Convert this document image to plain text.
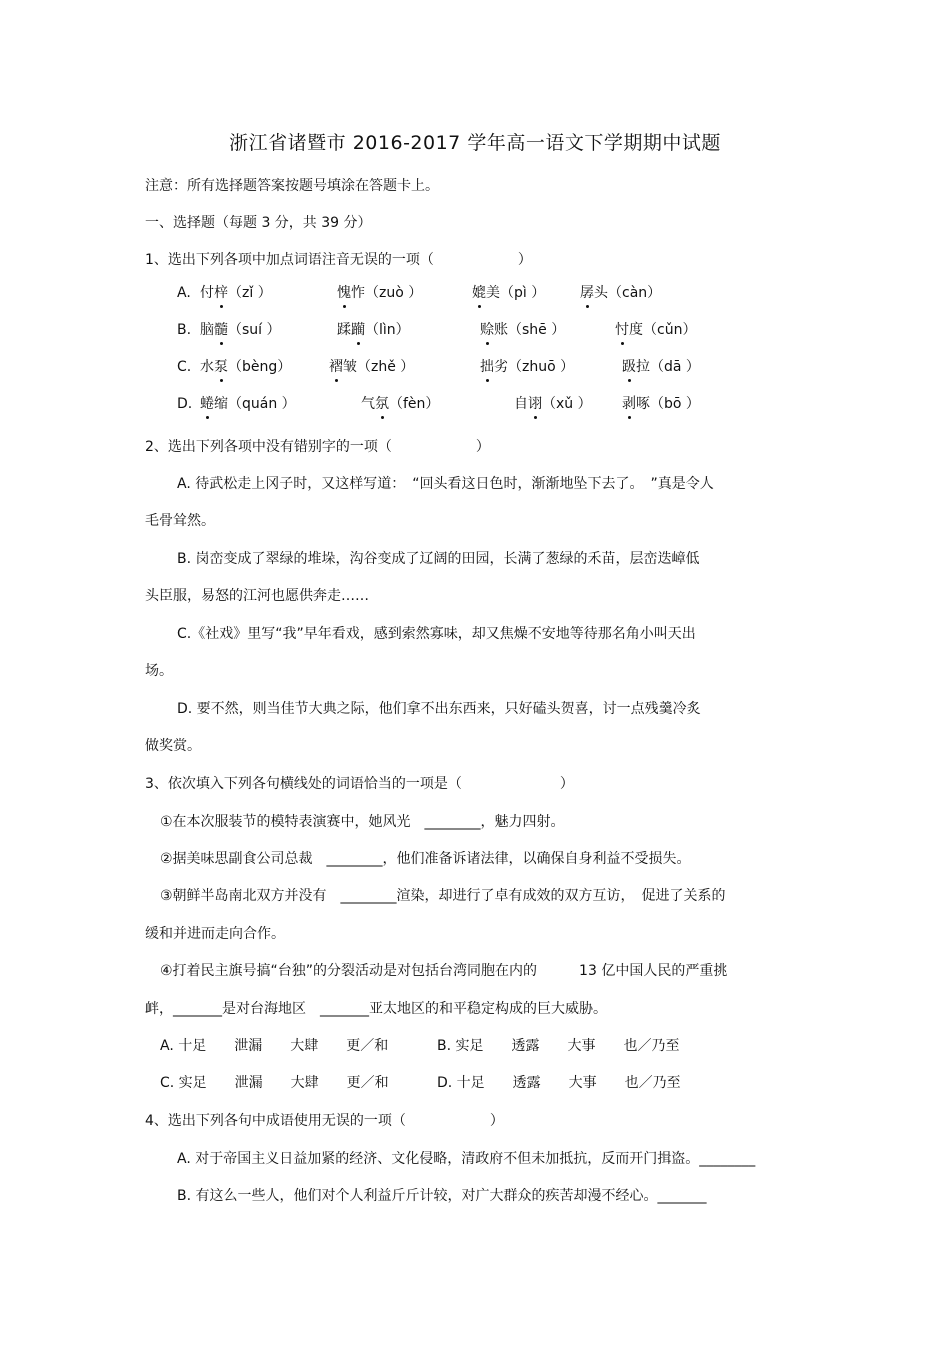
浙江省诸暨市 2016-2017 学年高一语文下学期期中试题
注意：所有选择题答案按题号填涂在答题卡上。
一、选择题（每题 3 分，共 39 分）
1、选出下列各项中加点词语注音无误的一项（　　　　　　）
A. 付梓（zǐ ）	愧怍（zuò ）	媲美（pì ） 孱头（càn）
B. 脑髓（suí ）	蹂躏（lìn）	赊账（shē ）	忖度（cǔn）
C. 水泵（bèng）	褶皱（zhě ）	拙劣（zhuō ）	趿拉（dā ）
D. 蜷缩（quán ）	气氛（fèn）	自诩（xǔ ） 剥啄（bō ）
2、选出下列各项中没有错别字的一项（　　　　　　）
A. 待武松走上冈子时，又这样写道：　“回头看这日色时，渐渐地坠下去了。　”真是令人
毛骨耸然。
B. 岗峦变成了翠绿的堆垛，沟谷变成了辽阔的田园，长满了葱绿的禾苗，层峦迭嶂低
头臣服，易怒的江河也愿供奔走……
C.《社戏》里写“我”早年看戏，感到索然寡味，却又焦燥不安地等待那名角小叫天出
场。
D. 要不然，则当佳节大典之际，他们拿不出东西来，只好磕头贺喜，讨一点残羹冷炙
做奖赏。
3、依次填入下列各句横线处的词语恰当的一项是（　　　　　　　）
①在本次服装节的模特表演赛中，她风光　________，魅力四射。
②据美味思副食公司总裁　________，他们准备诉诸法律，以确保自身利益不受损失。
③朝鲜半岛南北双方并没有　________渲染，却进行了卓有成效的双方互访，　促进了关系的
缓和并进而走向合作。
④打着民主旗号搞“台独”的分裂活动是对包括台湾同胞在内的　　　13 亿中国人民的严重挑
衅，_______是对台海地区　_______亚太地区的和平稳定构成的巨大威胁。
A. 十足　　泄漏　　大肆　　更／和	B. 实足　　透露　　大事　　也／乃至
C. 实足　　泄漏　　大肆　　更／和	D. 十足　　透露　　大事　　也／乃至
4、选出下列各句中成语使用无误的一项（　　　　　　）
A. 对于帝国主义日益加紧的经济、文化侵略，清政府不但未加抵抗，反而开门揖盗。________
B. 有这么一些人，他们对个人利益斤斤计较，对广大群众的疾苦却漫不经心。_______
